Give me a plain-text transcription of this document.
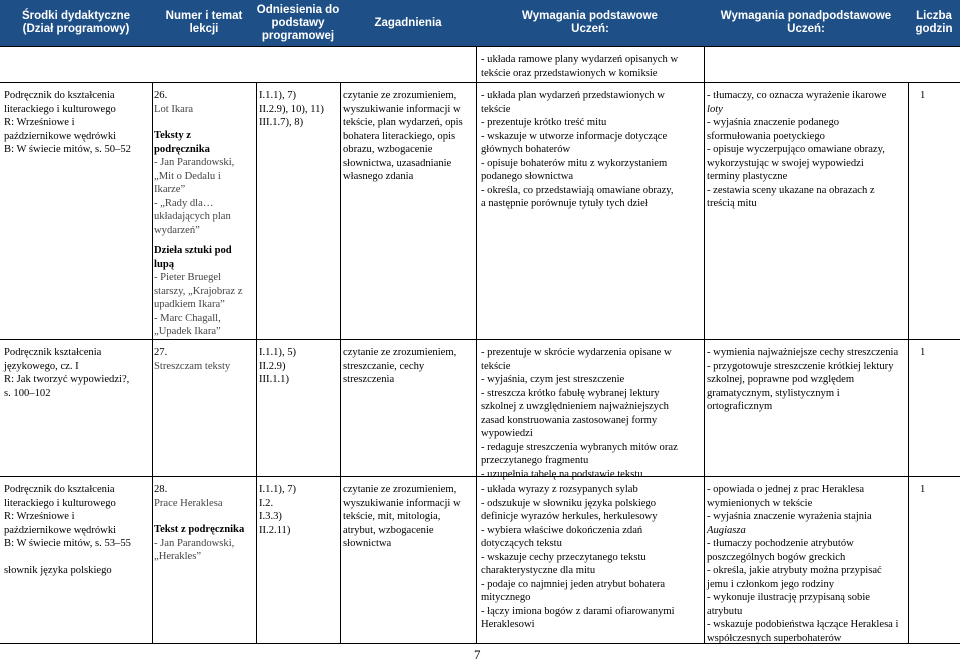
Środki dydaktyczne
(Dział programowy)
Numer i temat
lekcji
Odniesienia do
podstawy
programowej
Zagadnienia
Wymagania podstawowe
Uczeń:
Wymagania ponadpodstawowe
Uczeń:
Liczba
godzin

- układa ramowe plany wydarzeń opisanych w

tekście oraz przedstawionych w komiksie

Podręcznik do kształcenia

literackiego i kulturowego

R: Wrześniowe i

październikowe wędrówki

B: W świecie mitów, s. 50‒52

26.

Lot Ikara

Teksty z

podręcznika

- Jan Parandowski,

„Mit o Dedalu i

Ikarze”

- „Rady dla…

układających plan

wydarzeń”

Dzieła sztuki pod

lupą

- Pieter Bruegel

starszy, „Krajobraz z

upadkiem Ikara”

- Marc Chagall,

„Upadek Ikara”

I.1.1), 7)

II.2.9), 10), 11)

III.1.7), 8)

czytanie ze zrozumieniem,

wyszukiwanie informacji w

tekście, plan wydarzeń, opis

bohatera literackiego, opis

obrazu, wzbogacenie

słownictwa, uzasadnianie

własnego zdania

- układa plan wydarzeń przedstawionych w

tekście

- prezentuje krótko treść mitu

- wskazuje w utworze informacje dotyczące

głównych bohaterów

- opisuje bohaterów mitu z wykorzystaniem

podanego słownictwa

- określa, co przedstawiają omawiane obrazy,

a następnie porównuje tytuły tych dzieł

- tłumaczy, co oznacza wyrażenie ikarowe

loty

- wyjaśnia znaczenie podanego

sformułowania poetyckiego

- opisuje wyczerpująco omawiane obrazy,

wykorzystując w swojej wypowiedzi

terminy plastyczne

- zestawia sceny ukazane na obrazach z

treścią mitu

1

Podręcznik kształcenia

językowego, cz. I

R: Jak tworzyć wypowiedzi?,

s. 100‒102

27.

Streszczam teksty

I.1.1), 5)

II.2.9)

III.1.1)

czytanie ze zrozumieniem,

streszczanie, cechy

streszczenia

- prezentuje w skrócie wydarzenia opisane w

tekście

- wyjaśnia, czym jest streszczenie

- streszcza krótko fabułę wybranej lektury

szkolnej z uwzględnieniem najważniejszych

zasad konstruowania zastosowanej formy

wypowiedzi

- redaguje streszczenia wybranych mitów oraz

przeczytanego fragmentu

- uzupełnia tabelę na podstawie tekstu

- wymienia najważniejsze cechy streszczenia

- przygotowuje streszczenie krótkiej lektury

szkolnej, poprawne pod względem

gramatycznym, stylistycznym i

ortograficznym

1

Podręcznik do kształcenia

literackiego i kulturowego

R: Wrześniowe i

październikowe wędrówki

B: W świecie mitów, s. 53‒55

słownik języka polskiego

28.

Prace Heraklesa

Tekst z podręcznika

- Jan Parandowski,

„Herakles”

I.1.1), 7)

I.2.

I.3.3)

II.2.11)

czytanie ze zrozumieniem,

wyszukiwanie informacji w

tekście, mit, mitologia,

atrybut, wzbogacenie

słownictwa

- układa wyrazy z rozsypanych sylab

- odszukuje w słowniku języka polskiego

definicje wyrazów herkules, herkulesowy

- wybiera właściwe dokończenia zdań

dotyczących tekstu

- wskazuje cechy przeczytanego tekstu

charakterystyczne dla mitu

- podaje co najmniej jeden atrybut bohatera

mitycznego

- łączy imiona bogów z darami ofiarowanymi

Heraklesowi

- opowiada o jednej z prac Heraklesa

wymienionych w tekście

- wyjaśnia znaczenie wyrażenia stajnia

Augiasza

- tłumaczy pochodzenie atrybutów

poszczególnych bogów greckich

- określa, jakie atrybuty można przypisać

jemu i członkom jego rodziny

- wykonuje ilustrację przypisaną sobie

atrybutu

- wskazuje podobieństwa łączące Heraklesa i

współczesnych superbohaterów

1

7
